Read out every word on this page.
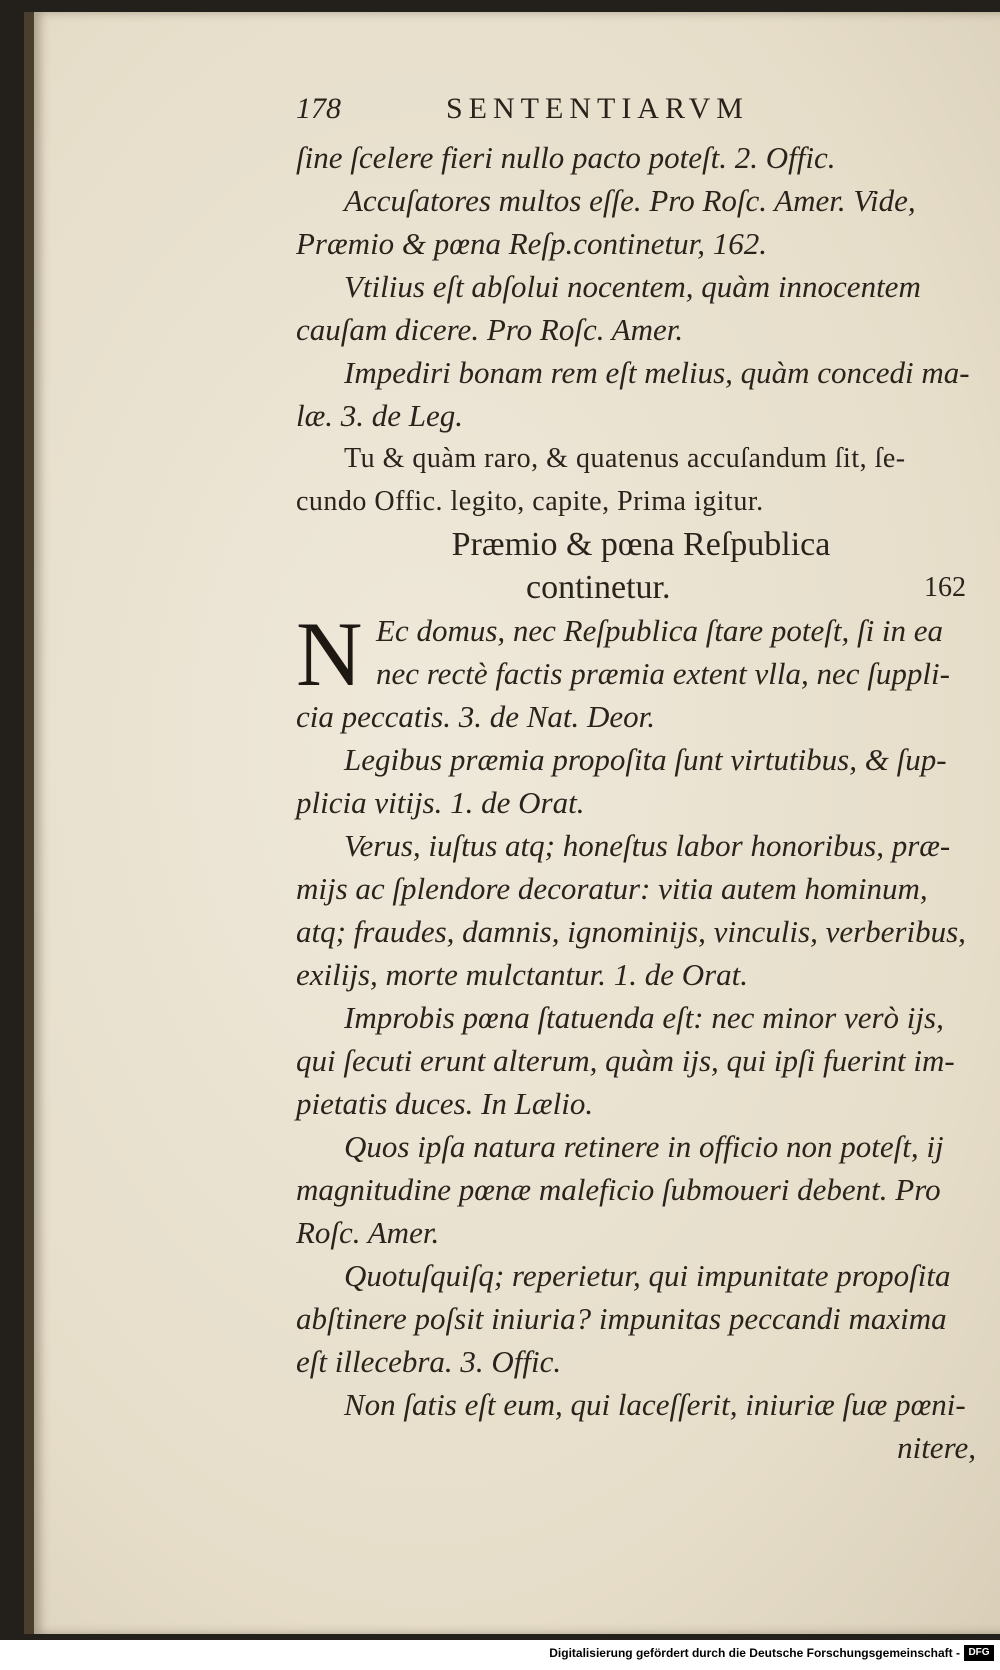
178	SENTENTIARVM
ſine ſcelere fieri nullo pacto poteſt. 2. Offic.
Accuſatores multos eſſe. Pro Roſc. Amer. Vide,
Præmio & pœna Reſp.continetur, 162.
Vtilius eſt abſolui nocentem, quàm innocentem
cauſam dicere. Pro Roſc. Amer.
Impediri bonam rem eſt melius, quàm concedi ma-
læ. 3. de Leg.
Tu & quàm raro, & quatenus accuſandum ſit, ſe-
cundo Offic. legito, capite, Prima igitur.
Præmio & pœna Reſpublica
continetur.	162
N Ec domus, nec Reſpublica ſtare poteſt, ſi in ea
nec rectè factis præmia extent vlla, nec ſuppli-
cia peccatis. 3. de Nat. Deor.
Legibus præmia propoſita ſunt virtutibus, & ſup-
plicia vitijs. 1. de Orat.
Verus, iuſtus atq; honeſtus labor honoribus, præ-
mijs ac ſplendore decoratur: vitia autem hominum,
atq; fraudes, damnis, ignominijs, vinculis, verberibus,
exilijs, morte mulctantur. 1. de Orat.
Improbis pœna ſtatuenda eſt: nec minor verò ijs,
qui ſecuti erunt alterum, quàm ijs, qui ipſi fuerint im-
pietatis duces. In Lælio.
Quos ipſa natura retinere in officio non poteſt, ij
magnitudine pœnæ maleficio ſubmoueri debent. Pro
Roſc. Amer.
Quotuſquiſq; reperietur, qui impunitate propoſita
abſtinere poſsit iniuria? impunitas peccandi maxima
eſt illecebra. 3. Offic.
Non ſatis eſt eum, qui laceſſerit, iniuriæ ſuæ pœni-
nitere,
Digitalisierung gefördert durch die Deutsche Forschungsgemeinschaft - DFG
